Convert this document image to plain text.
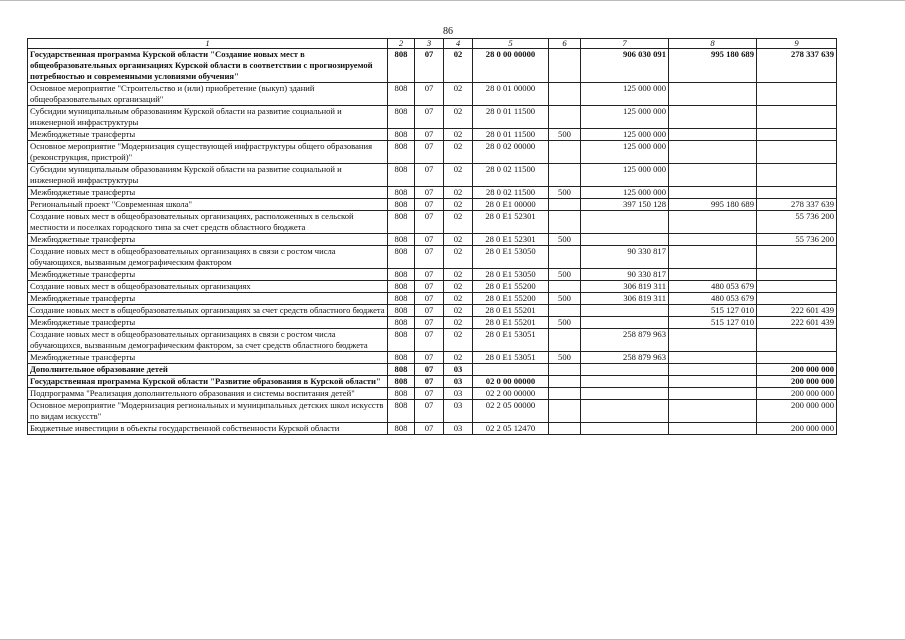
86
1	2	3	4	5	6	7	8	9
Государственная программа Курской области "Создание новых мест в общеобразовательных организациях Курской области в соответствии с прогнозируемой потребностью и современными условиями обучения"	808	07	02	28 0 00 00000		906 030 091	995 180 689	278 337 639
Основное мероприятие "Строительство и (или) приобретение (выкуп) зданий общеобразовательных организаций"	808	07	02	28 0 01 00000		125 000 000		
Субсидии муниципальным образованиям Курской области на развитие социальной и инженерной инфраструктуры	808	07	02	28 0 01 11500		125 000 000		
Межбюджетные трансферты	808	07	02	28 0 01 11500	500	125 000 000		
Основное мероприятие "Модернизация существующей инфраструктуры общего образования (реконструкция, пристрой)"	808	07	02	28 0 02 00000		125 000 000		
Субсидии муниципальным образованиям Курской области на развитие социальной и инженерной инфраструктуры	808	07	02	28 0 02 11500		125 000 000		
Межбюджетные трансферты	808	07	02	28 0 02 11500	500	125 000 000		
Региональный проект "Современная школа"	808	07	02	28 0 E1 00000		397 150 128	995 180 689	278 337 639
Создание новых мест в общеобразовательных организациях, расположенных в сельской местности и поселках городского типа за счет средств областного бюджета	808	07	02	28 0 E1 52301				55 736 200
Межбюджетные трансферты	808	07	02	28 0 E1 52301	500			55 736 200
Создание новых мест в общеобразовательных организациях в связи с ростом числа обучающихся, вызванным демографическим фактором	808	07	02	28 0 E1 53050		90 330 817		
Межбюджетные трансферты	808	07	02	28 0 E1 53050	500	90 330 817		
Создание новых мест в общеобразовательных организациях	808	07	02	28 0 E1 55200		306 819 311	480 053 679	
Межбюджетные трансферты	808	07	02	28 0 E1 55200	500	306 819 311	480 053 679	
Создание новых мест в общеобразовательных организациях за счет средств областного бюджета	808	07	02	28 0 E1 55201			515 127 010	222 601 439
Межбюджетные трансферты	808	07	02	28 0 E1 55201	500		515 127 010	222 601 439
Создание новых мест в общеобразовательных организациях в связи с ростом числа обучающихся, вызванным демографическим фактором, за счет средств областного бюджета	808	07	02	28 0 E1 53051		258 879 963		
Межбюджетные трансферты	808	07	02	28 0 E1 53051	500	258 879 963		
Дополнительное образование детей	808	07	03					200 000 000
Государственная программа Курской области "Развитие образования в Курской области"	808	07	03	02 0 00 00000				200 000 000
Подпрограмма "Реализация дополнительного образования и системы воспитания детей"	808	07	03	02 2 00 00000				200 000 000
Основное мероприятие "Модернизация региональных и муниципальных детских школ искусств по видам искусств"	808	07	03	02 2 05 00000				200 000 000
Бюджетные инвестиции в объекты государственной собственности Курской области	808	07	03	02 2 05 12470				200 000 000
